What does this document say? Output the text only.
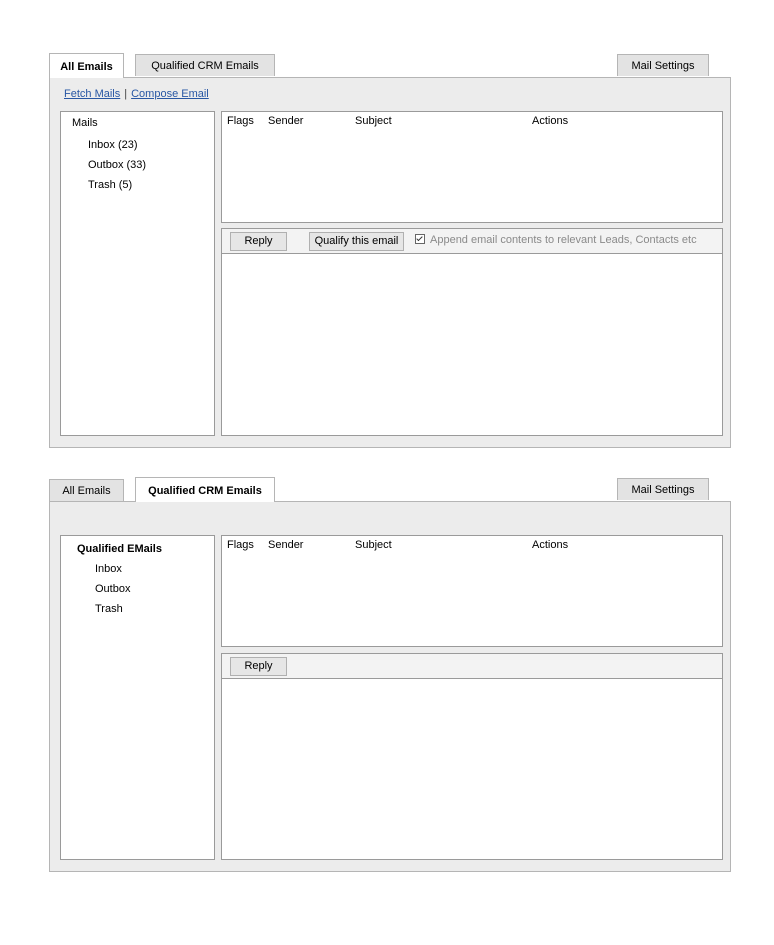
All Emails	Qualified CRM Emails	Mail Settings
Fetch Mails | Compose Email
Mails
Inbox (23)
Outbox (33)
Trash (5)
Flags Sender	Subject	Actions
Reply	Qualify this email	Append email contents to relevant Leads, Contacts etc
All Emails	Qualified CRM Emails	Mail Settings
Qualified EMails
Inbox
Outbox
Trash
Flags Sender	Subject	Actions
Reply
